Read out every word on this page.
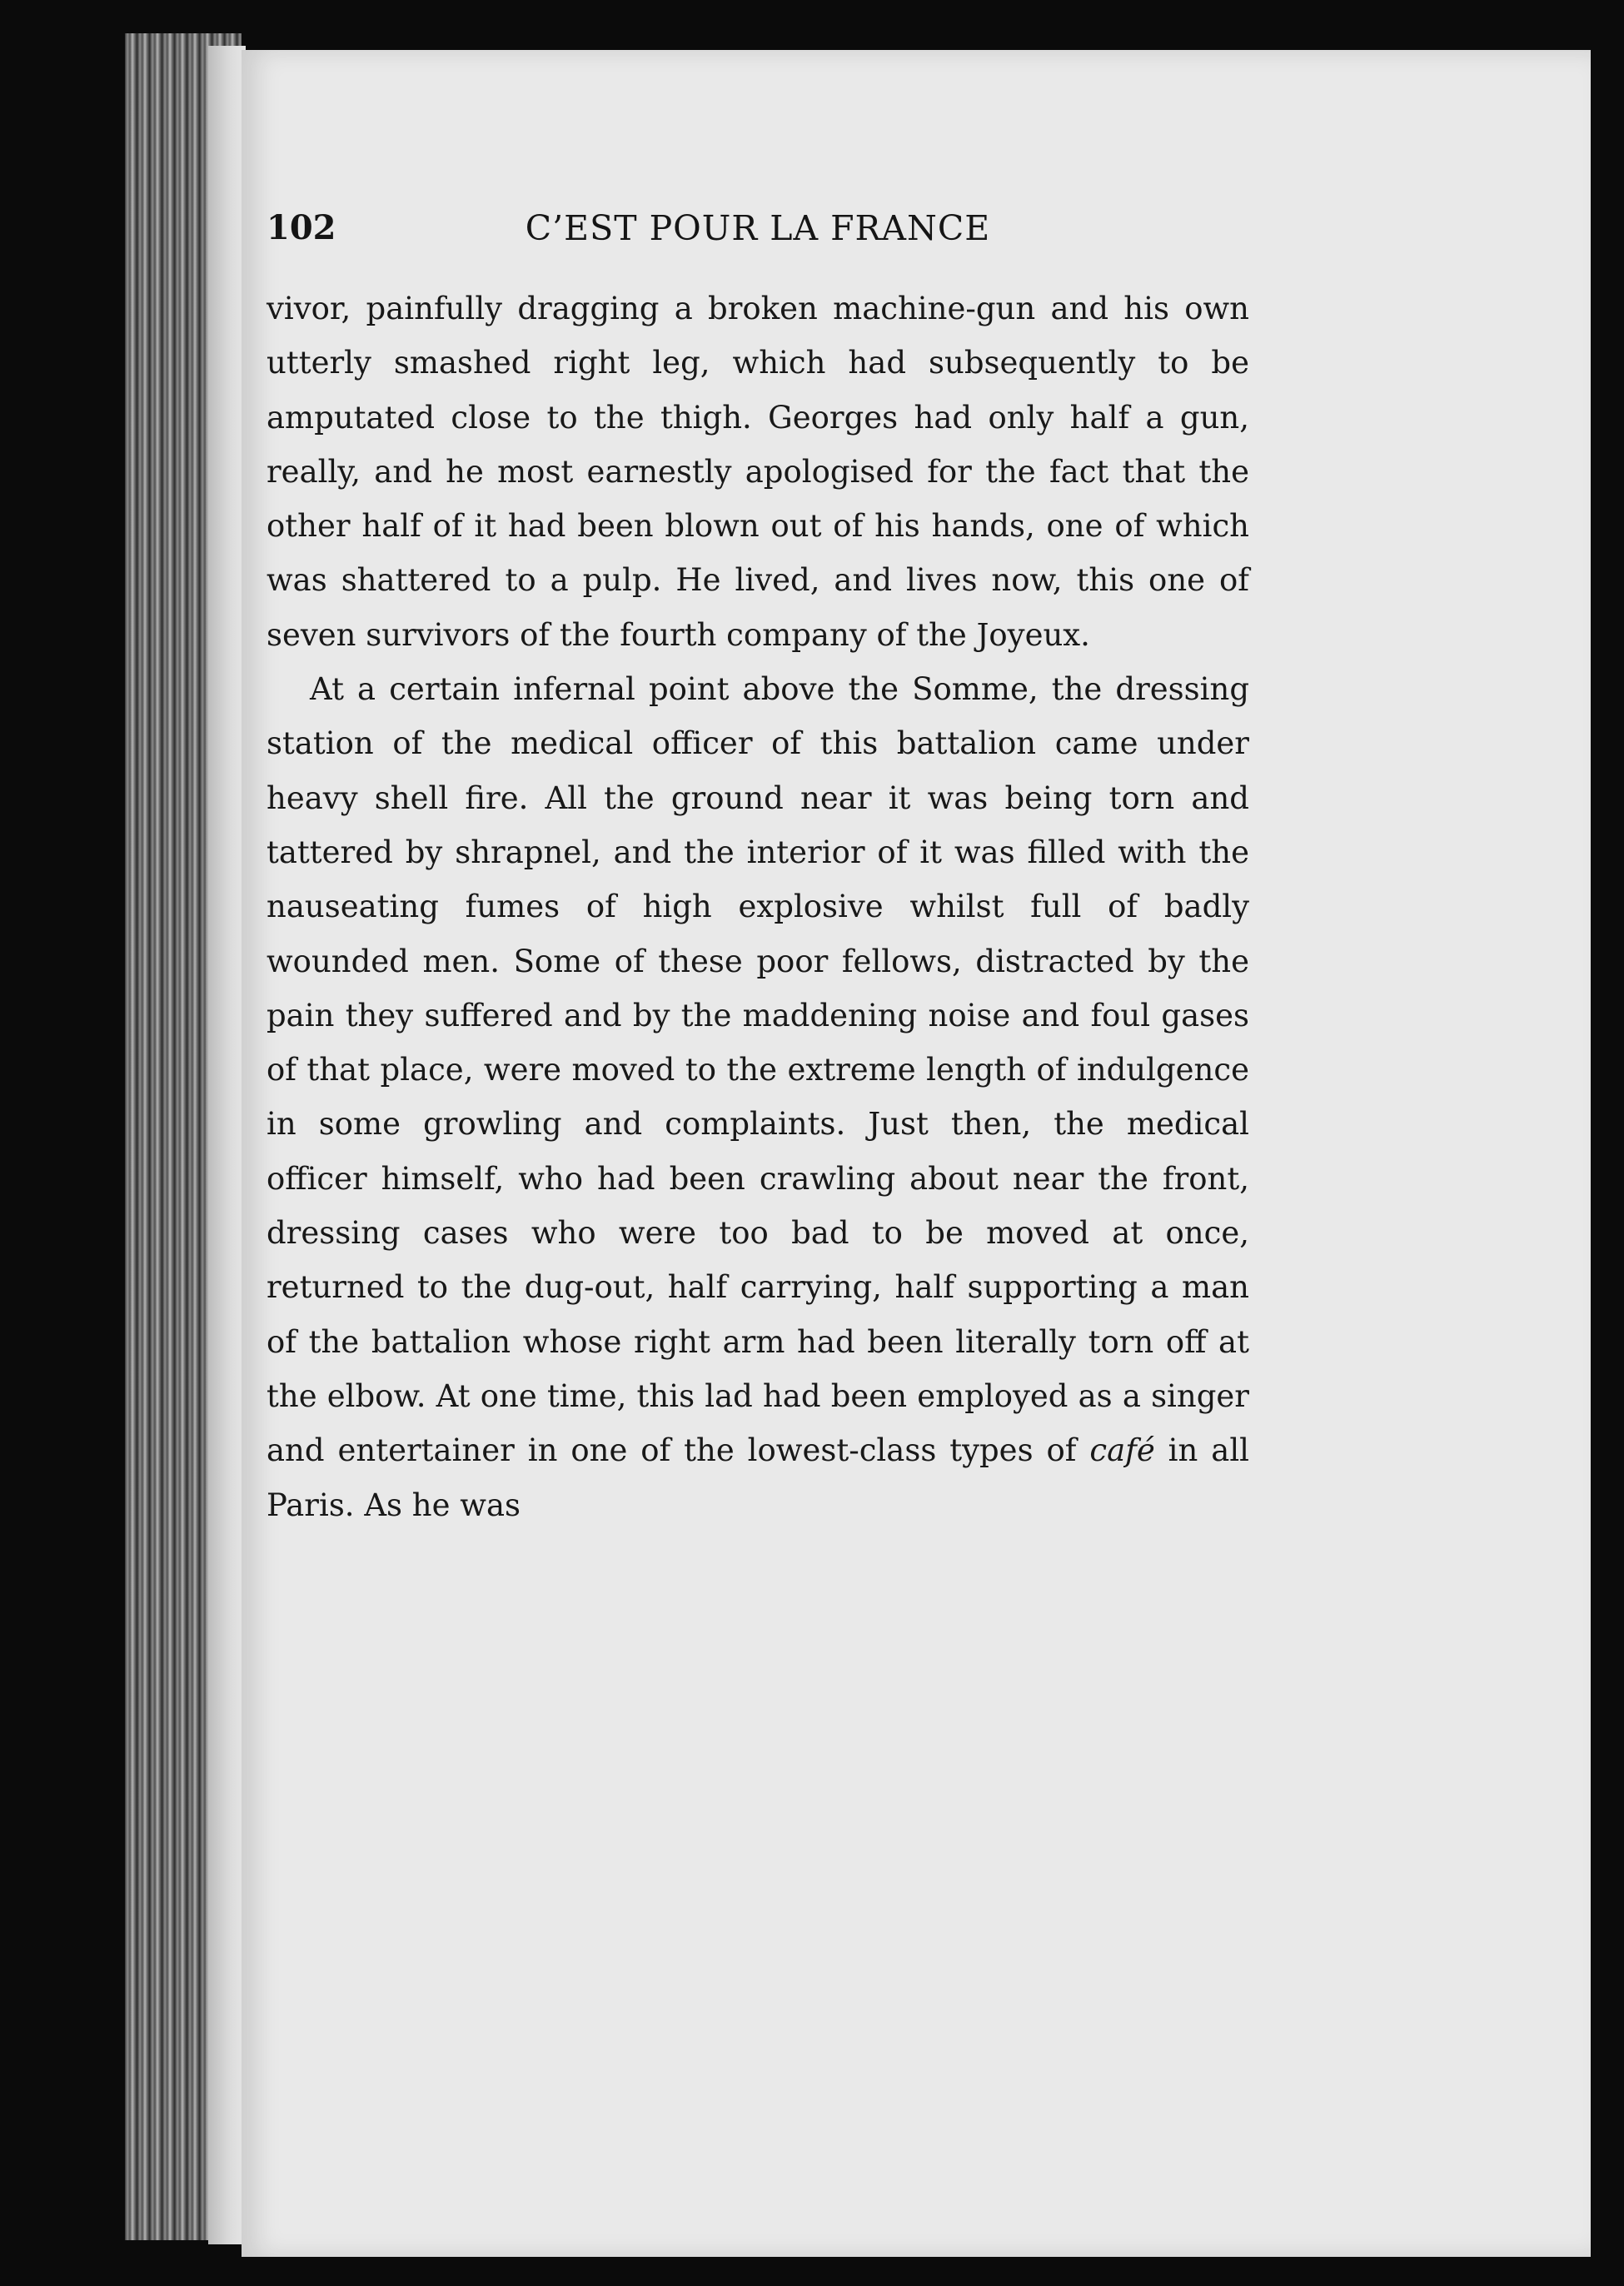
102	C’EST POUR LA FRANCE

vivor, painfully dragging a broken machine-gun and his own utterly smashed right leg, which had subsequently to be amputated close to the thigh. Georges had only half a gun, really, and he most earnestly apologised for the fact that the other half of it had been blown out of his hands, one of which was shattered to a pulp. He lived, and lives now, this one of seven survivors of the fourth company of the Joyeux.

At a certain infernal point above the Somme, the dressing station of the medical officer of this battalion came under heavy shell fire. All the ground near it was being torn and tattered by shrapnel, and the interior of it was filled with the nauseating fumes of high explosive whilst full of badly wounded men. Some of these poor fellows, distracted by the pain they suffered and by the maddening noise and foul gases of that place, were moved to the extreme length of indulgence in some growling and complaints. Just then, the medical officer himself, who had been crawling about near the front, dressing cases who were too bad to be moved at once, returned to the dug-out, half carrying, half supporting a man of the battalion whose right arm had been literally torn off at the elbow. At one time, this lad had been employed as a singer and entertainer in one of the lowest-class types of café in all Paris. As he was
